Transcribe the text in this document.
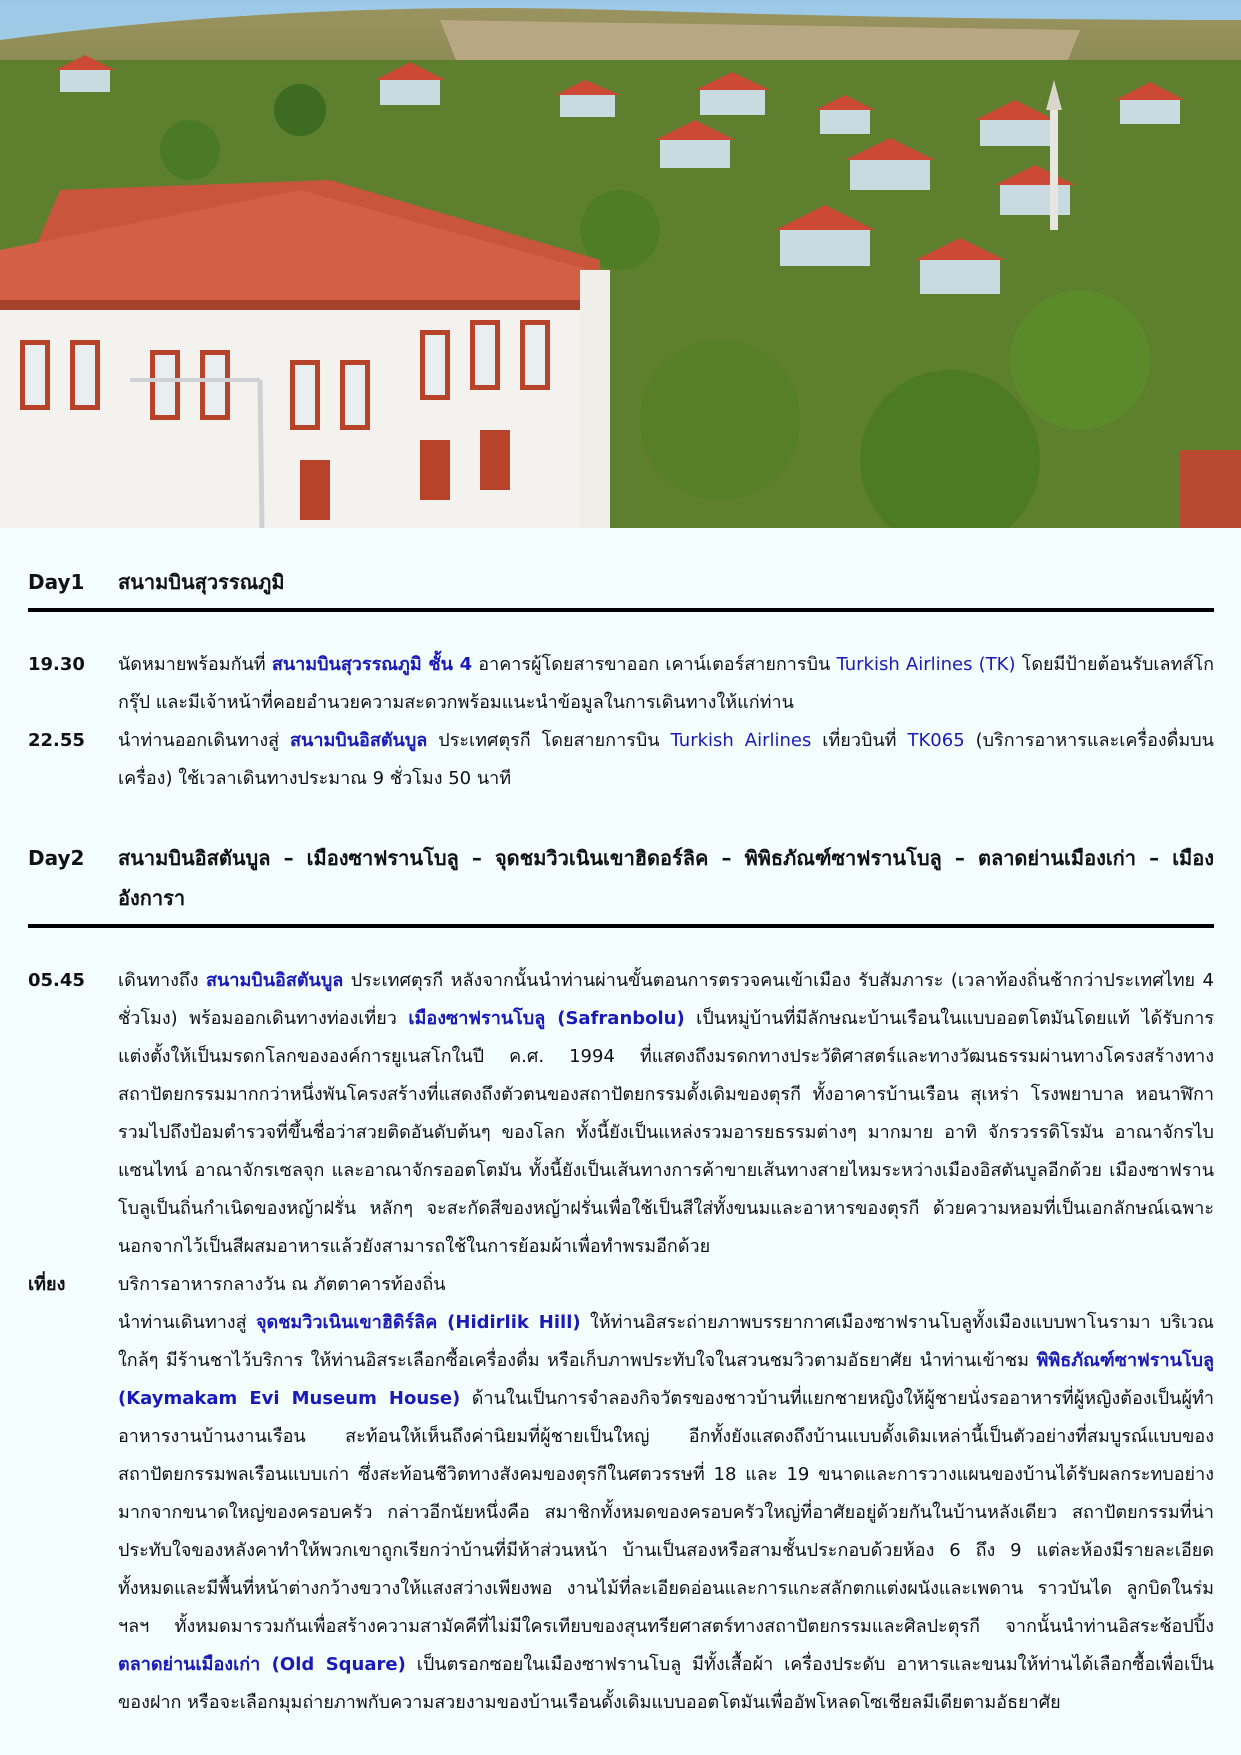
Day1	สนามบินสุวรรณภูมิ
19.30	นัดหมายพร้อมกันที่ สนามบินสุวรรณภูมิ ชั้น 4 อาคารผู้โดยสารขาออก เคาน์เตอร์สายการบิน Turkish Airlines (TK) โดยมีป้ายต้อนรับเลทส์โกกรุ๊ป และมีเจ้าหน้าที่คอยอำนวยความสะดวกพร้อมแนะนำข้อมูลในการเดินทางให้แก่ท่าน
22.55	นำท่านออกเดินทางสู่ สนามบินอิสตันบูล ประเทศตุรกี โดยสายการบิน Turkish Airlines เที่ยวบินที่ TK065 (บริการอาหารและเครื่องดื่มบนเครื่อง) ใช้เวลาเดินทางประมาณ 9 ชั่วโมง 50 นาที
Day2	สนามบินอิสตันบูล – เมืองซาฟรานโบลู – จุดชมวิวเนินเขาฮิดอร์ลิค – พิพิธภัณฑ์ซาฟรานโบลู – ตลาดย่านเมืองเก่า – เมืองอังการา
05.45	เดินทางถึง สนามบินอิสตันบูล ประเทศตุรกี หลังจากนั้นนำท่านผ่านขั้นตอนการตรวจคนเข้าเมือง รับสัมภาระ (เวลาท้องถิ่นช้ากว่าประเทศไทย 4 ชั่วโมง) พร้อมออกเดินทางท่องเที่ยว เมืองซาฟรานโบลู (Safranbolu) เป็นหมู่บ้านที่มีลักษณะบ้านเรือนในแบบออตโตมันโดยแท้ ได้รับการแต่งตั้งให้เป็นมรดกโลกขององค์การยูเนสโกในปี ค.ศ. 1994 ที่แสดงถึงมรดกทางประวัติศาสตร์และทางวัฒนธรรมผ่านทางโครงสร้างทางสถาปัตยกรรมมากกว่าหนึ่งพันโครงสร้างที่แสดงถึงตัวตนของสถาปัตยกรรมดั้งเดิมของตุรกี ทั้งอาคารบ้านเรือน สุเหร่า โรงพยาบาล หอนาฬิการวมไปถึงป้อมตำรวจที่ขึ้นชื่อว่าสวยติดอันดับต้นๆ ของโลก ทั้งนี้ยังเป็นแหล่งรวมอารยธรรมต่างๆ มากมาย อาทิ จักรวรรดิโรมัน อาณาจักรไบแซนไทน์ อาณาจักรเซลจุก และอาณาจักรออตโตมัน ทั้งนี้ยังเป็นเส้นทางการค้าขายเส้นทางสายไหมระหว่างเมืองอิสตันบูลอีกด้วย เมืองซาฟรานโบลูเป็นถิ่นกำเนิดของหญ้าฝรั่น หลักๆ จะสะกัดสีของหญ้าฝรั่นเพื่อใช้เป็นสีใส่ทั้งขนมและอาหารของตุรกี ด้วยความหอมที่เป็นเอกลักษณ์เฉพาะนอกจากไว้เป็นสีผสมอาหารแล้วยังสามารถใช้ในการย้อมผ้าเพื่อทำพรมอีกด้วย
เที่ยง	บริการอาหารกลางวัน ณ ภัตตาคารท้องถิ่น
นำท่านเดินทางสู่ จุดชมวิวเนินเขาฮิดิร์ลิค (Hidirlik Hill) ให้ท่านอิสระถ่ายภาพบรรยากาศเมืองซาฟรานโบลูทั้งเมืองแบบพาโนรามา บริเวณใกล้ๆ มีร้านชาไว้บริการ ให้ท่านอิสระเลือกซื้อเครื่องดื่ม หรือเก็บภาพประทับใจในสวนชมวิวตามอัธยาศัย นำท่านเข้าชม พิพิธภัณฑ์ซาฟรานโบลู (Kaymakam Evi Museum House) ด้านในเป็นการจำลองกิจวัตรของชาวบ้านที่แยกชายหญิงให้ผู้ชายนั่งรออาหารที่ผู้หญิงต้องเป็นผู้ทำอาหารงานบ้านงานเรือน สะท้อนให้เห็นถึงค่านิยมที่ผู้ชายเป็นใหญ่ อีกทั้งยังแสดงถึงบ้านแบบดั้งเดิมเหล่านี้เป็นตัวอย่างที่สมบูรณ์แบบของสถาปัตยกรรมพลเรือนแบบเก่า ซึ่งสะท้อนชีวิตทางสังคมของตุรกีในศตวรรษที่ 18 และ 19 ขนาดและการวางแผนของบ้านได้รับผลกระทบอย่างมากจากขนาดใหญ่ของครอบครัว กล่าวอีกนัยหนึ่งคือ สมาชิกทั้งหมดของครอบครัวใหญ่ที่อาศัยอยู่ด้วยกันในบ้านหลังเดียว สถาปัตยกรรมที่น่าประทับใจของหลังคาทำให้พวกเขาถูกเรียกว่าบ้านที่มีห้าส่วนหน้า บ้านเป็นสองหรือสามชั้นประกอบด้วยห้อง 6 ถึง 9 แต่ละห้องมีรายละเอียดทั้งหมดและมีพื้นที่หน้าต่างกว้างขวางให้แสงสว่างเพียงพอ งานไม้ที่ละเอียดอ่อนและการแกะสลักตกแต่งผนังและเพดาน ราวบันได ลูกบิดในร่ม ฯลฯ ทั้งหมดมารวมกันเพื่อสร้างความสามัคคีที่ไม่มีใครเทียบของสุนทรียศาสตร์ทางสถาปัตยกรรมและศิลปะตุรกี จากนั้นนำท่านอิสระช้อปปิ้ง ตลาดย่านเมืองเก่า (Old Square) เป็นตรอกซอยในเมืองซาฟรานโบลู มีทั้งเสื้อผ้า เครื่องประดับ อาหารและขนมให้ท่านได้เลือกซื้อเพื่อเป็นของฝาก หรือจะเลือกมุมถ่ายภาพกับความสวยงามของบ้านเรือนดั้งเดิมแบบออตโตมันเพื่ออัพโหลดโซเชียลมีเดียตามอัธยาศัย
